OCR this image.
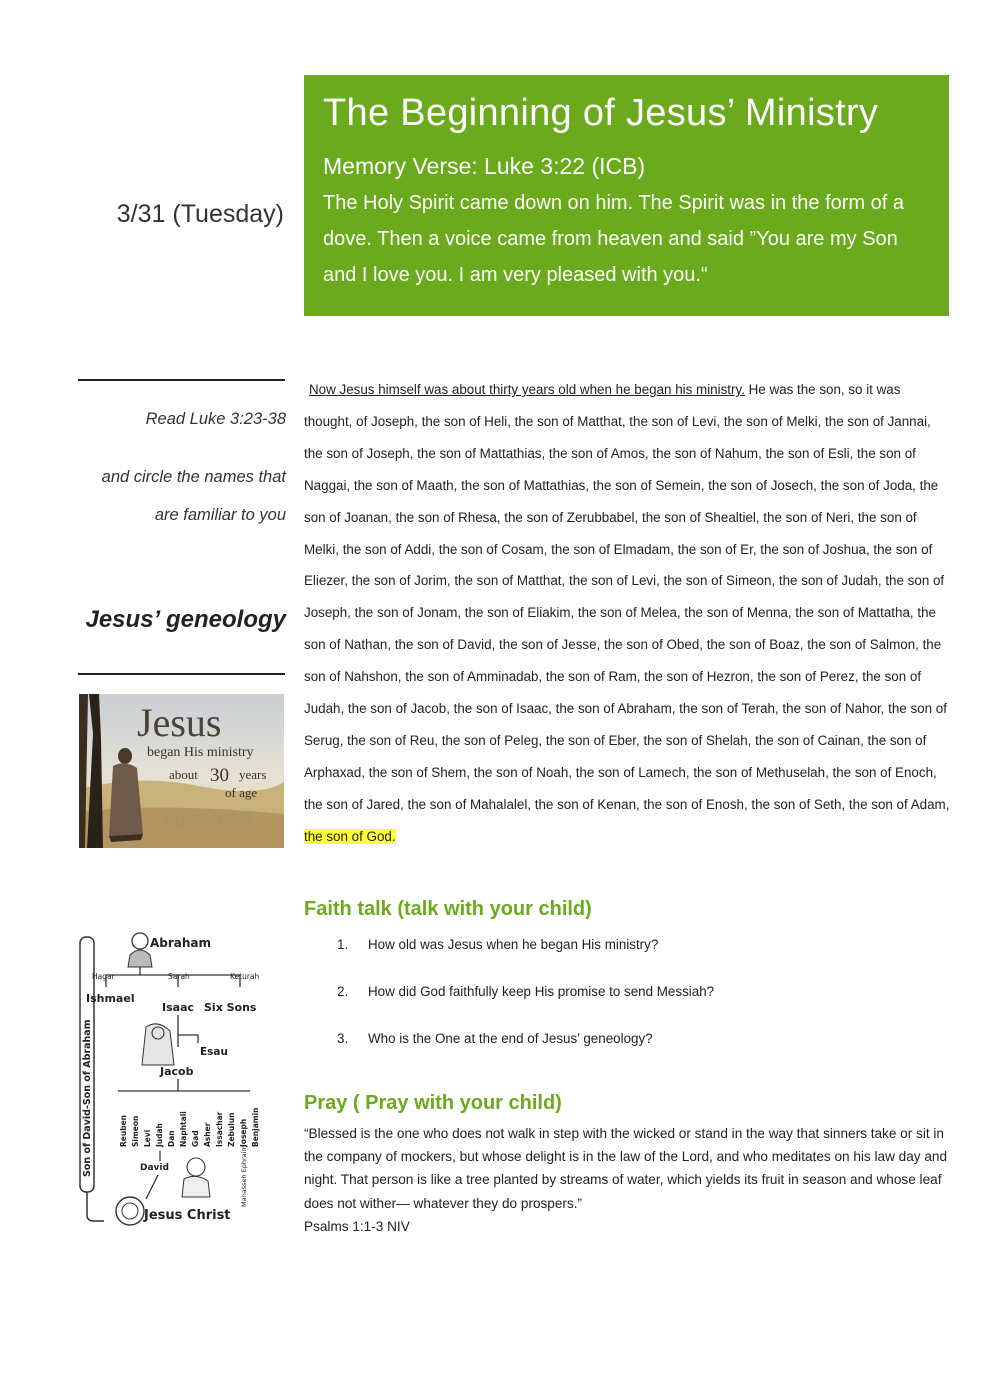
The Beginning of Jesus’ Ministry
Memory Verse: Luke 3:22 (ICB)
The Holy Spirit came down on him. The Spirit was in the form of a dove. Then a voice came from heaven and said ”You are my Son and I love you. I am very pleased with you.“
3/31 (Tuesday)
Read Luke 3:23-38
and circle the names that
are familiar to you
Jesus’ geneology
Now Jesus himself was about thirty years old when he began his ministry. He was the son, so it was thought, of Joseph, the son of Heli, the son of Matthat, the son of Levi, the son of Melki, the son of Jannai, the son of Joseph, the son of Mattathias, the son of Amos, the son of Nahum, the son of Esli, the son of Naggai, the son of Maath, the son of Mattathias, the son of Semein, the son of Josech, the son of Joda, the son of Joanan, the son of Rhesa, the son of Zerubbabel, the son of Shealtiel, the son of Neri, the son of Melki, the son of Addi, the son of Cosam, the son of Elmadam, the son of Er, the son of Joshua, the son of Eliezer, the son of Jorim, the son of Matthat, the son of Levi, the son of Simeon, the son of Judah, the son of Joseph, the son of Jonam, the son of Eliakim, the son of Melea, the son of Menna, the son of Mattatha, the son of Nathan, the son of David, the son of Jesse, the son of Obed, the son of Boaz, the son of Salmon, the son of Nahshon, the son of Amminadab, the son of Ram, the son of Hezron, the son of Perez, the son of Judah, the son of Jacob, the son of Isaac, the son of Abraham, the son of Terah, the son of Nahor, the son of Serug, the son of Reu, the son of Peleg, the son of Eber, the son of Shelah, the son of Cainan, the son of Arphaxad, the son of Shem, the son of Noah, the son of Lamech, the son of Methuselah, the son of Enoch, the son of Jared, the son of Mahalalel, the son of Kenan, the son of Enosh, the son of Seth, the son of Adam, the son of God.
Jesus
began His ministry
about 30 years
of age
Luke 3:23
Son of David-Son of Abraham
Abraham
Hagar	Sarah	Keturah
Ishmael
Isaac Six Sons
Esau
Jacob
Reuben Simeon Levi Judah Dan Naphtali Gad Asher Issachar Zebulun Joseph Benjamin
Manasseh Ephraim
David
Jesus Christ
Faith talk (talk with your child)
1.	How old was Jesus when he began His ministry?
2.	How did God faithfully keep His promise to send Messiah?
3.	Who is the One at the end of Jesus’ geneology?
Pray ( Pray with your child)
“Blessed is the one who does not walk in step with the wicked or stand in the way that sinners take or sit in the company of mockers, but whose delight is in the law of the Lord, and who meditates on his law day and night. That person is like a tree planted by streams of water, which yields its fruit in season and whose leaf does not wither— whatever they do prospers.”
Psalms 1:1-3 NIV
